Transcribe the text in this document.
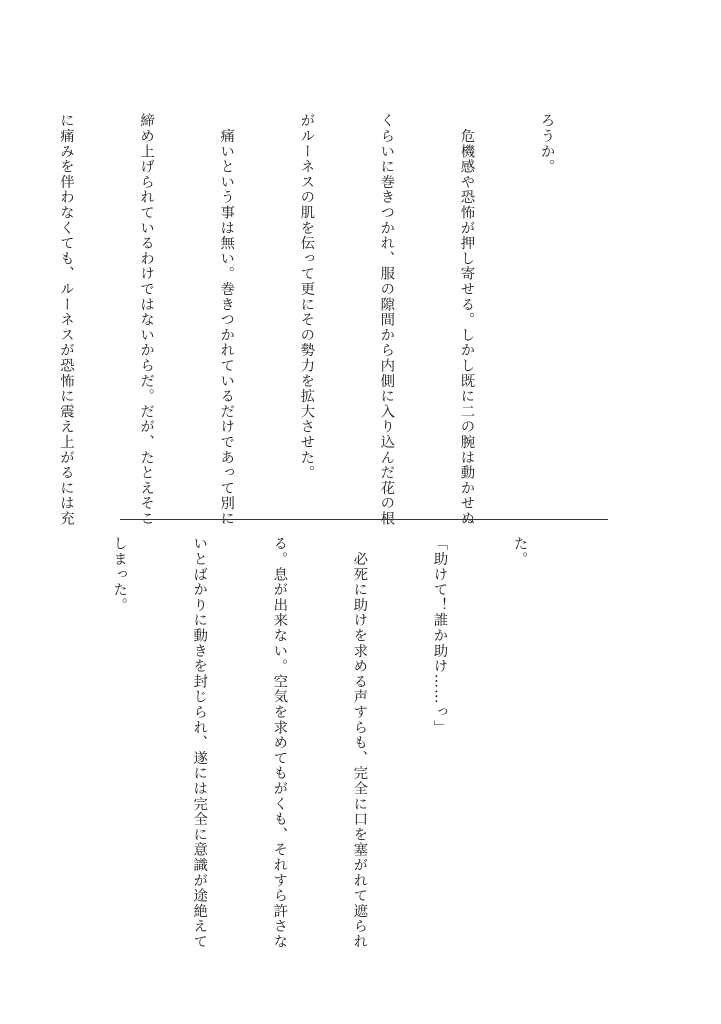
ろうか。

　危機感や恐怖が押し寄せる。しかし既に二の腕は動かせぬ

くらいに巻きつかれ、服の隙間から内側に入り込んだ花の根

がルーネスの肌を伝って更にその勢力を拡大させた。

　痛いという事は無い。巻きつかれているだけであって別に

締め上げられているわけではないからだ。だが、たとえそこ

に痛みを伴わなくても、ルーネスが恐怖に震え上がるには充

た。

「助けて！誰か助け……っ」

　必死に助けを求める声すらも、完全に口を塞がれて遮られ

る。息が出来ない。空気を求めてもがくも、それすら許さな

いとばかりに動きを封じられ、遂には完全に意識が途絶えて

しまった。
